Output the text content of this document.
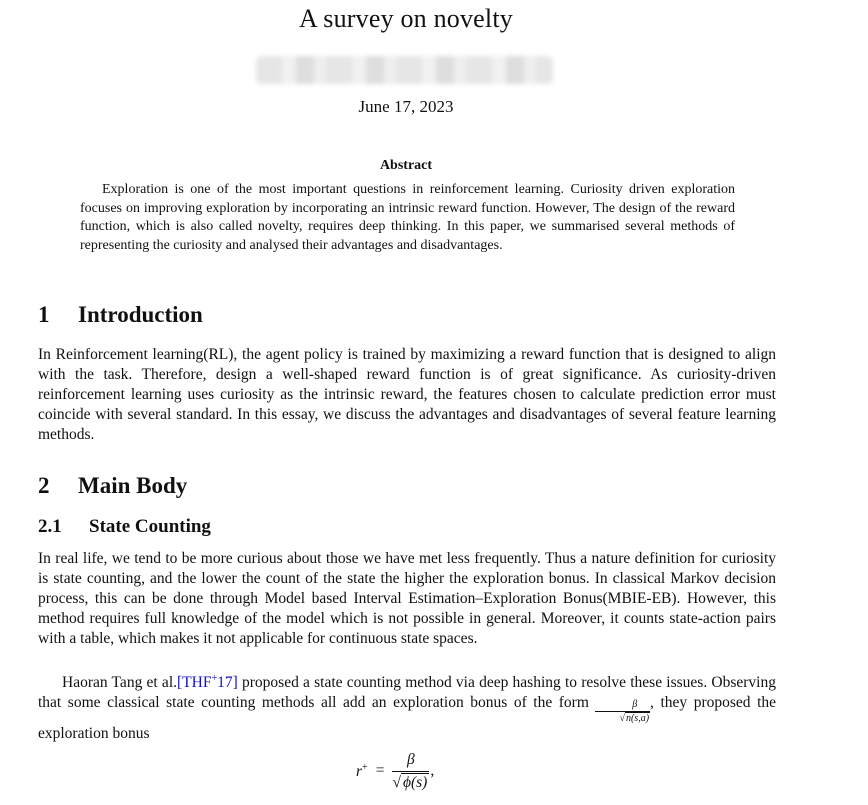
A survey on novelty
June 17, 2023
Abstract

Exploration is one of the most important questions in reinforcement learning. Curiosity driven exploration focuses on improving exploration by incorporating an intrinsic reward function. However, The design of the reward function, which is also called novelty, requires deep thinking. In this paper, we summarised several methods of representing the curiosity and analysed their advantages and disadvantages.

1 Introduction

In Reinforcement learning(RL), the agent policy is trained by maximizing a reward function that is designed to align with the task. Therefore, design a well-shaped reward function is of great significance. As curiosity-driven reinforcement learning uses curiosity as the intrinsic reward, the features chosen to calculate prediction error must coincide with several standard. In this essay, we discuss the advantages and disadvantages of several feature learning methods.

2 Main Body
2.1 State Counting

In real life, we tend to be more curious about those we have met less frequently. Thus a nature definition for curiosity is state counting, and the lower the count of the state the higher the exploration bonus. In classical Markov decision process, this can be done through Model based Interval Estimation–Exploration Bonus(MBIE-EB). However, this method requires full knowledge of the model which is not possible in general. Moreover, it counts state-action pairs with a table, which makes it not applicable for continuous state spaces.

Haoran Tang et al.[THF+17] proposed a state counting method via deep hashing to resolve these issues. Observing that some classical state counting methods all add an exploration bonus of the form $\frac{\beta}{√n(s,a)}$ , they proposed the exploration bonus

$r^+ = \frac{\beta}{√ \phi(s)}$ ,
